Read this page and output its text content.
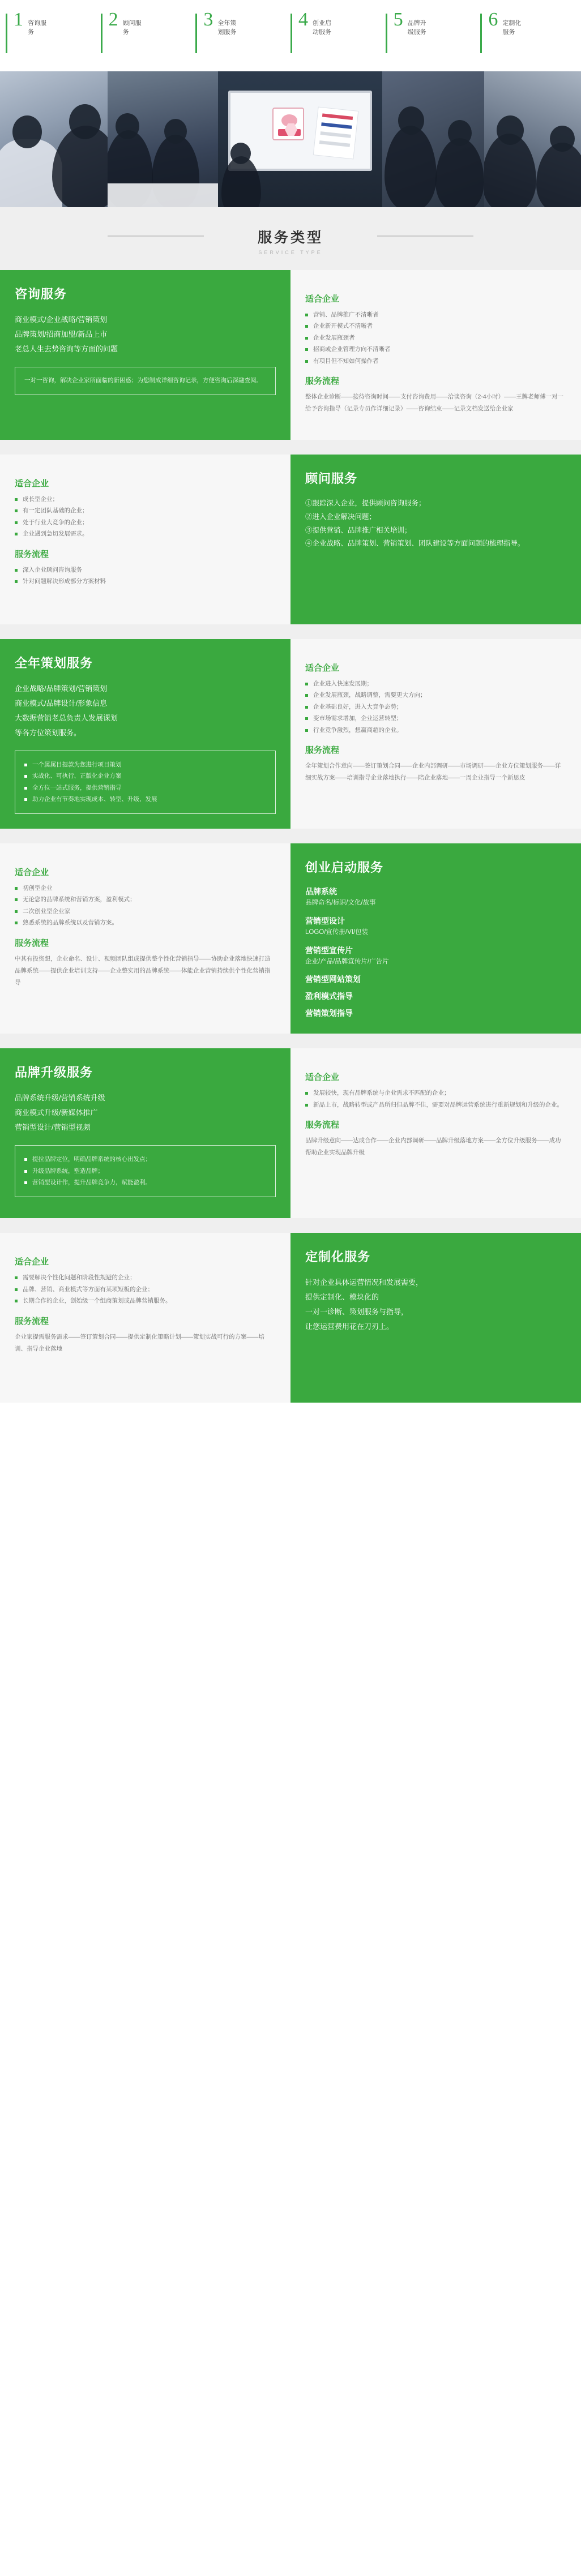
1 咨询服务
2 顾问服务
3 全年策划服务
4 创业启动服务
5 品牌升级服务
6 定制化服务
服务类型
SERVICE TYPE
咨询服务
商业模式/企业战略/营销策划
品牌策划/招商加盟/新品上市
老总人生去势咨询等方面的问题
一对一咨询，解决企业家所面临的新困惑；为您制成详细咨询记录，方便咨询后深融查阅。
适合企业
营销、品牌推广不清晰者
企业新开模式不清晰者
企业发展瓶颈者
招商或企业管理方向不清晰者
有项目但不知如何操作者
服务流程
整体企业诊断——接待咨询时间——支付咨询费用——洽谈咨询（2-4小时）——王牌老师傅一对一给予咨询指导（记录专员作详细记录）——咨询结束——记录文档发送给企业家
适合企业
成长型企业；
有一定团队基础的企业；
处于行业大竞争的企业；
企业遇到急切发展需求。
服务流程
深入企业顾问咨询服务
针对问题解决形成部分方案材料
顾问服务
①跟踪深入企业，提供顾问咨询服务；
②进入企业解决问题；
③提供营销、品牌推广相关培训；
④企业战略、品牌策划、营销策划、团队建设等方面问题的梳理指导。
全年策划服务
企业战略/品牌策划/营销策划
商业模式/品牌设计/形象信息
大数据营销老总负责人发展课划
等各方位策划服务。
一个属属目提款为您进行项目策划
实战化、可执行、正版化企业方案
全方位一站式服务，提供营销指导
助力企业有节奏地实现成本、转型、升级、发展
适合企业
企业进入快速发展期；
企业发展瓶颈，战略调整，需要更大方向；
企业基础良好，进入大竞争态势；
变市场需求增加，企业运营转型；
行业竞争激烈，想赢商超的企业。
服务流程
全年策划合作意向——签订策划合同——企业内部调研——市场调研——企业方位策划服务——详细实战方案——培训指导企业落地执行——陪企业落地——一周企业指导一个新思皮
适合企业
初创型企业
无论您的品牌系统和营销方案，盈利模式；
二次创业型企业家
熟悉系统的品牌系统以及营销方案。
服务流程
中其有投资想，企业命名、设计、视频团队组成提供整个性化营销指导——协助企业落地快速打造品牌系统——提供企业培训支持——企业整实用的品牌系统——体能企业营销持续供个性化营销指导
创业启动服务
品牌系统
品牌命名/标识/文化/故事
营销型设计
LOGO/宣传册/VI/包装
营销型宣传片
企业/产品/品牌宣传片/广告片
营销型网站策划
盈利模式指导
营销策划指导
品牌升级服务
品牌系统升级/营销系统升级
商业模式升级/新媒体推广
营销型设计/营销型视频
提拉品牌定位，明确品牌系统的核心出发点；
升级品牌系统，塑造品牌；
营销型设计作，提升品牌竞争力，赋能盈利。
适合企业
发展较快，现有品牌系统与企业需求不匹配的企业；
新品上市，战略转型或产品所归但品牌不佳，需要对品牌运营系统进行重新规划和升级的企业。
服务流程
品牌升级意向——达成合作——企业内部调研——品牌升级落地方案——全方位升级服务——成功帮助企业实现品牌升级
适合企业
需要解决个性化问题和阶段性规避的企业；
品牌、营销、商业模式等方面有某项短板的企业；
长期合作的企业，创始级一个组商策划或品牌营销服务。
服务流程
企业家提需服务需求——签订策划合同——提供定制化策略计划——策划实战可行的方案——培训、指导企业落地
定制化服务
针对企业具体运营情况和发展需要，
提供定制化、模块化的
一对一诊断、策划服务与指导，
让您运营费用花在刀刃上。
